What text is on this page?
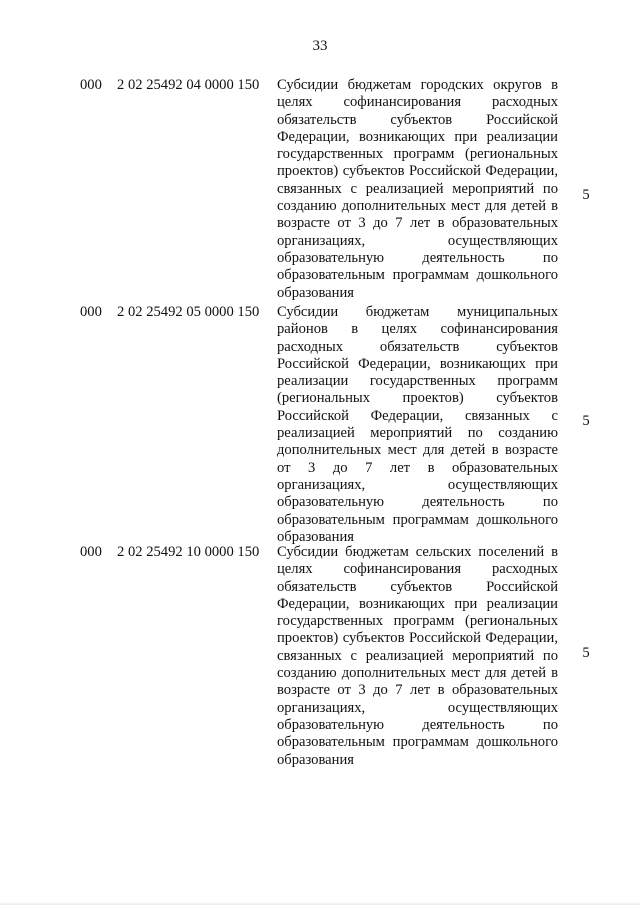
33
000 2 02 25492 04 0000 150 Субсидии бюджетам городских округов в целях софинансирования расходных обязательств субъектов Российской Федерации, возникающих при реализации государственных программ (региональных проектов) субъектов Российской Федерации, связанных с реализацией мероприятий по созданию дополнительных мест для детей в возрасте от 3 до 7 лет в образовательных организациях, осуществляющих образовательную деятельность по образовательным программам дошкольного образования
5
000 2 02 25492 05 0000 150 Субсидии бюджетам муниципальных районов в целях софинансирования расходных обязательств субъектов Российской Федерации, возникающих при реализации государственных программ (региональных проектов) субъектов Российской Федерации, связанных с реализацией мероприятий по созданию дополнительных мест для детей в возрасте от 3 до 7 лет в образовательных организациях, осуществляющих образовательную деятельность по образовательным программам дошкольного образования
5
000 2 02 25492 10 0000 150 Субсидии бюджетам сельских поселений в целях софинансирования расходных обязательств субъектов Российской Федерации, возникающих при реализации государственных программ (региональных проектов) субъектов Российской Федерации, связанных с реализацией мероприятий по созданию дополнительных мест для детей в возрасте от 3 до 7 лет в образовательных организациях, осуществляющих образовательную деятельность по образовательным программам дошкольного образования
5
